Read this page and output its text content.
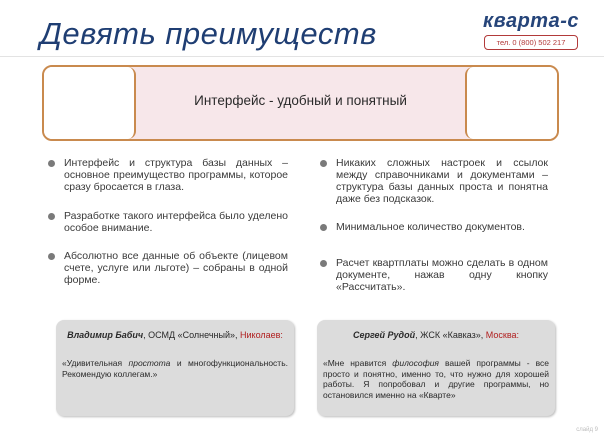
Девять преимуществ	кварта-с
тел. 0 (800) 502 217
Интерфейс - удобный и понятный
Интерфейс и структура базы данных – основное преимущество программы, которое сразу бросается в глаза.
Разработке такого интерфейса было уделено особое внимание.
Абсолютно все данные об объекте (лицевом счете, услуге или льготе) – собраны в одной форме.
Никаких сложных настроек и ссылок между справочниками и документами – структура базы данных проста и понятна даже без подсказок.
Минимальное количество документов.
Расчет квартплаты можно сделать в одном документе, нажав одну кнопку «Рассчитать».
Владимир Бабич, ОСМД «Солнечный», Николаев:
«Удивительная простота и многофункциональность. Рекомендую коллегам.»
Сергей Рудой, ЖСК «Кавказ», Москва:
«Мне нравится философия вашей программы - все просто и понятно, именно то, что нужно для хорошей работы. Я попробовал и другие программы, но остановился именно на «Кварте»
слайд 9
